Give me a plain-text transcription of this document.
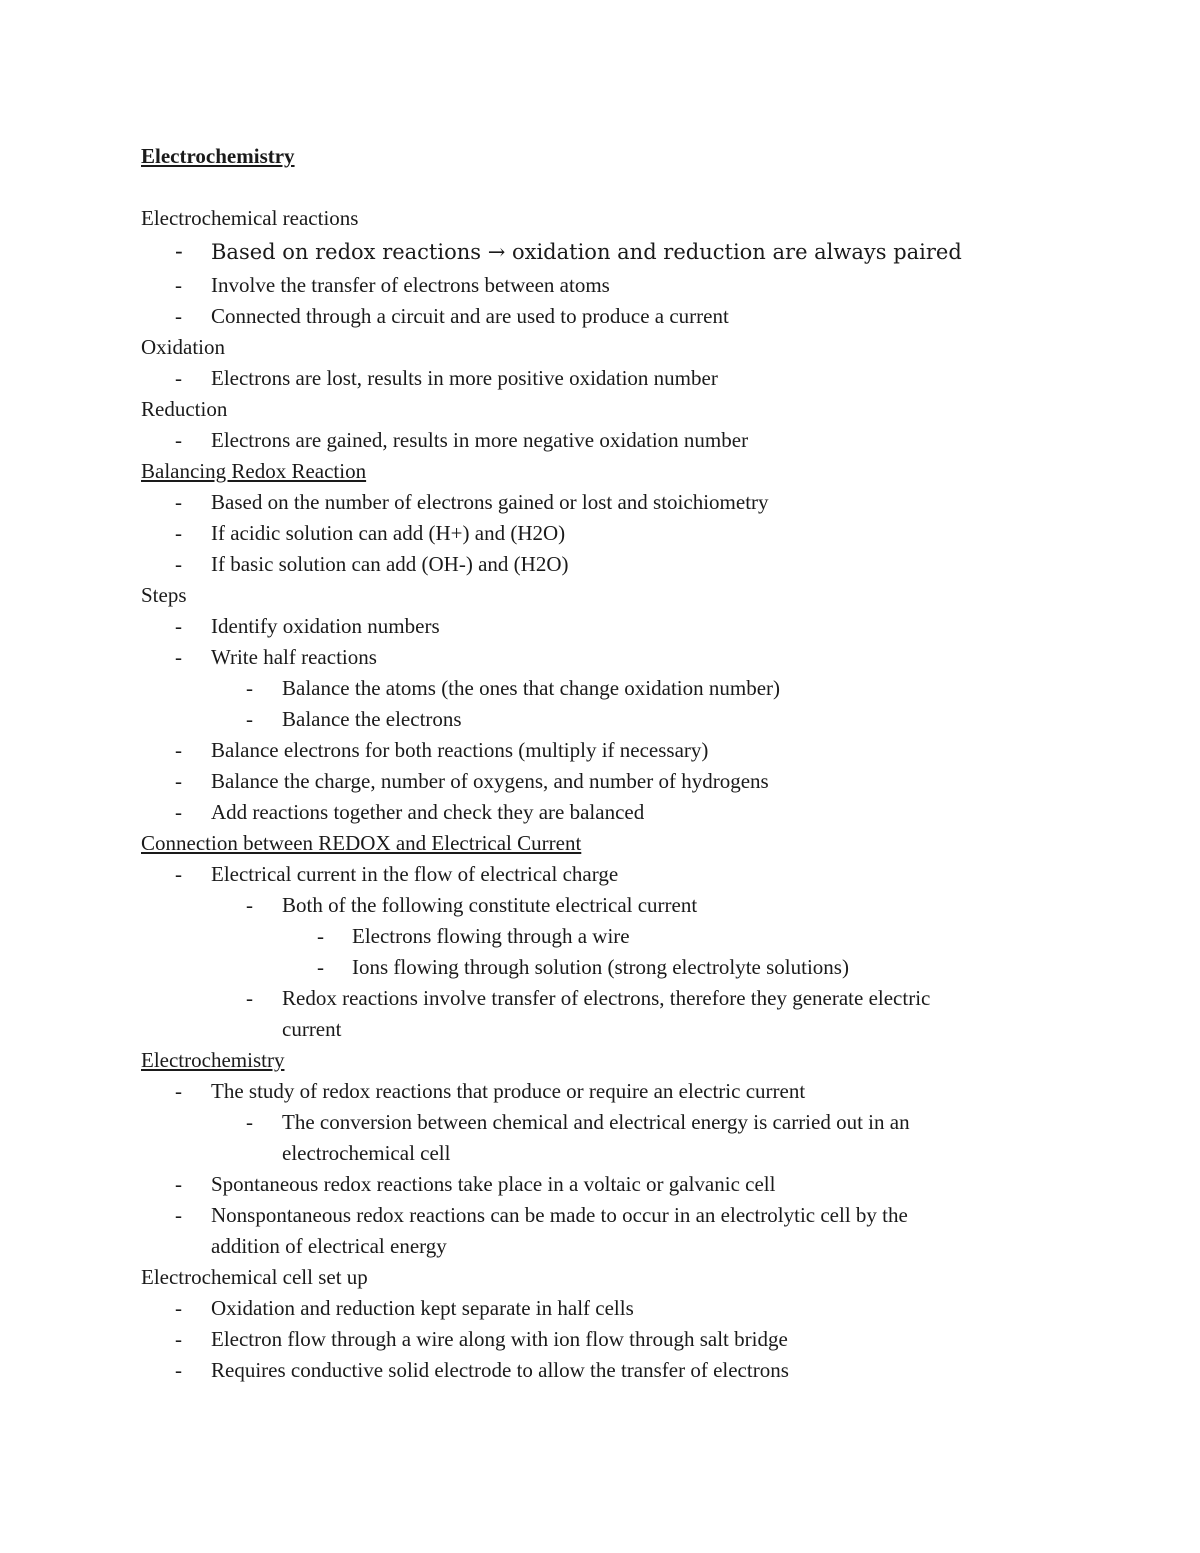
Electrochemistry
Electrochemical reactions
- Based on redox reactions → oxidation and reduction are always paired
-	Involve the transfer of electrons between atoms
-	Connected through a circuit and are used to produce a current
Oxidation
-	Electrons are lost, results in more positive oxidation number
Reduction
-	Electrons are gained, results in more negative oxidation number
Balancing Redox Reaction
-	Based on the number of electrons gained or lost and stoichiometry
-	If acidic solution can add (H+) and (H2O)
-	If basic solution can add (OH-) and (H2O)
Steps
-	Identify oxidation numbers
-	Write half reactions
-	Balance the atoms (the ones that change oxidation number)
-	Balance the electrons
-	Balance electrons for both reactions (multiply if necessary)
-	Balance the charge, number of oxygens, and number of hydrogens
-	Add reactions together and check they are balanced
Connection between REDOX and Electrical Current
-	Electrical current in the flow of electrical charge
-	Both of the following constitute electrical current
-	Electrons flowing through a wire
-	Ions flowing through solution (strong electrolyte solutions)
-	Redox reactions involve transfer of electrons, therefore they generate electric
current
Electrochemistry
-	The study of redox reactions that produce or require an electric current
-	The conversion between chemical and electrical energy is carried out in an
electrochemical cell
-	Spontaneous redox reactions take place in a voltaic or galvanic cell
-	Nonspontaneous redox reactions can be made to occur in an electrolytic cell by the
addition of electrical energy
Electrochemical cell set up
-	Oxidation and reduction kept separate in half cells
-	Electron flow through a wire along with ion flow through salt bridge
-	Requires conductive solid electrode to allow the transfer of electrons
